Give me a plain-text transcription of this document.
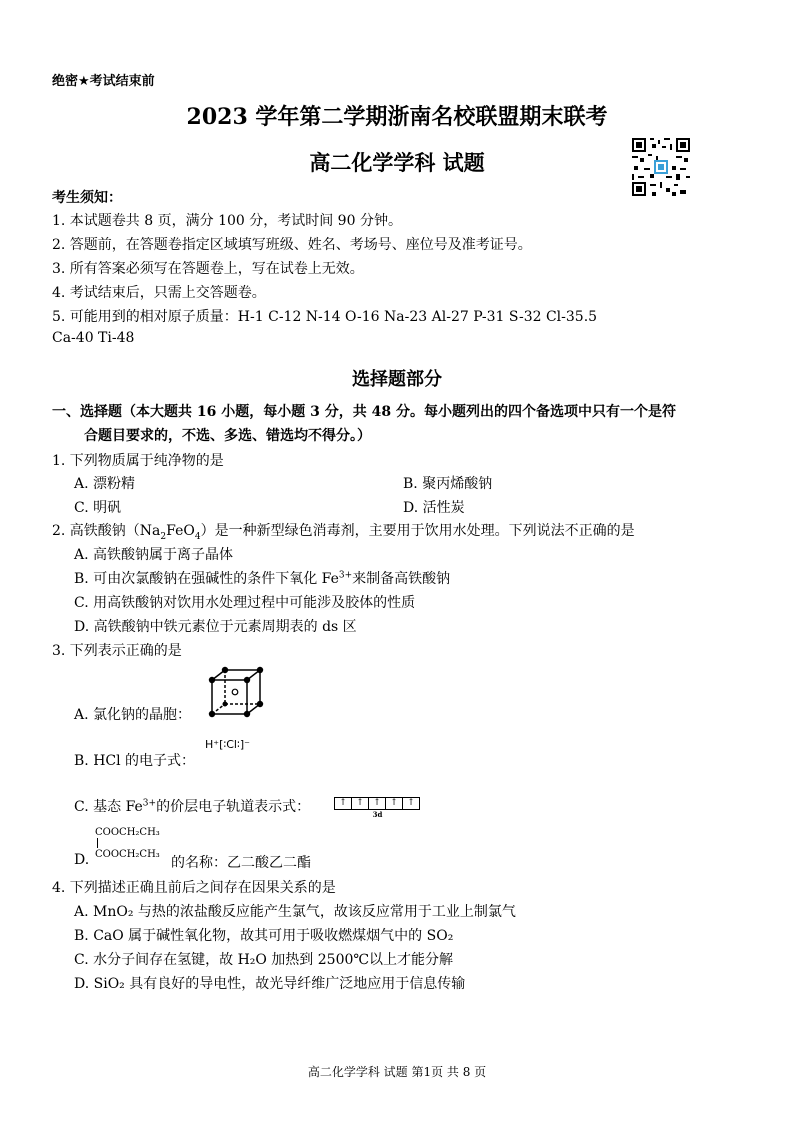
绝密★考试结束前
2023 学年第二学期浙南名校联盟期末联考
高二化学学科 试题
考生须知：
1. 本试题卷共 8 页，满分 100 分，考试时间 90 分钟。
2. 答题前，在答题卷指定区域填写班级、姓名、考场号、座位号及准考证号。
3. 所有答案必须写在答题卷上，写在试卷上无效。
4. 考试结束后，只需上交答题卷。
5. 可能用到的相对原子质量：H-1 C-12 N-14 O-16 Na-23 Al-27 P-31 S-32 Cl-35.5
Ca-40 Ti-48
选择题部分
一、选择题（本大题共 16 小题，每小题 3 分，共 48 分。每小题列出的四个备选项中只有一个是符
合题目要求的，不选、多选、错选均不得分。）
1. 下列物质属于纯净物的是
A. 漂粉精	B. 聚丙烯酸钠
C. 明矾	D. 活性炭
2. 高铁酸钠$(Na_2FeO_4)$是一种新型绿色消毒剂，主要用于饮用水处理。下列说法不正确的是
A. 高铁酸钠属于离子晶体
B. 可由次氯酸钠在强碱性的条件下氧化 $Fe^{3+}$来制备高铁酸钠
C. 用高铁酸钠对饮用水处理过程中可能涉及胶体的性质
D. 高铁酸钠中铁元素位于元素周期表的 ds 区
3. 下列表示正确的是
A. 氯化钠的晶胞：
B. HCl 的电子式：
H⁺[∶Cl∶]⁻
C. 基态 $Fe^{3+}$的价层电子轨道表示式：	↑ ↑ ↑ ↑ ↑
3d
COOCH₂CH₃
COOCH₂CH₃
D.	的名称：乙二酸乙二酯
4. 下列描述正确且前后之间存在因果关系的是
A. MnO₂ 与热的浓盐酸反应能产生氯气，故该反应常用于工业上制氯气
B. CaO 属于碱性氧化物，故其可用于吸收燃煤烟气中的 SO₂
C. 水分子间存在氢键，故 H₂O 加热到 2500℃以上才能分解
D. SiO₂ 具有良好的导电性，故光导纤维广泛地应用于信息传输
高二化学学科 试题 第1页 共 8 页
